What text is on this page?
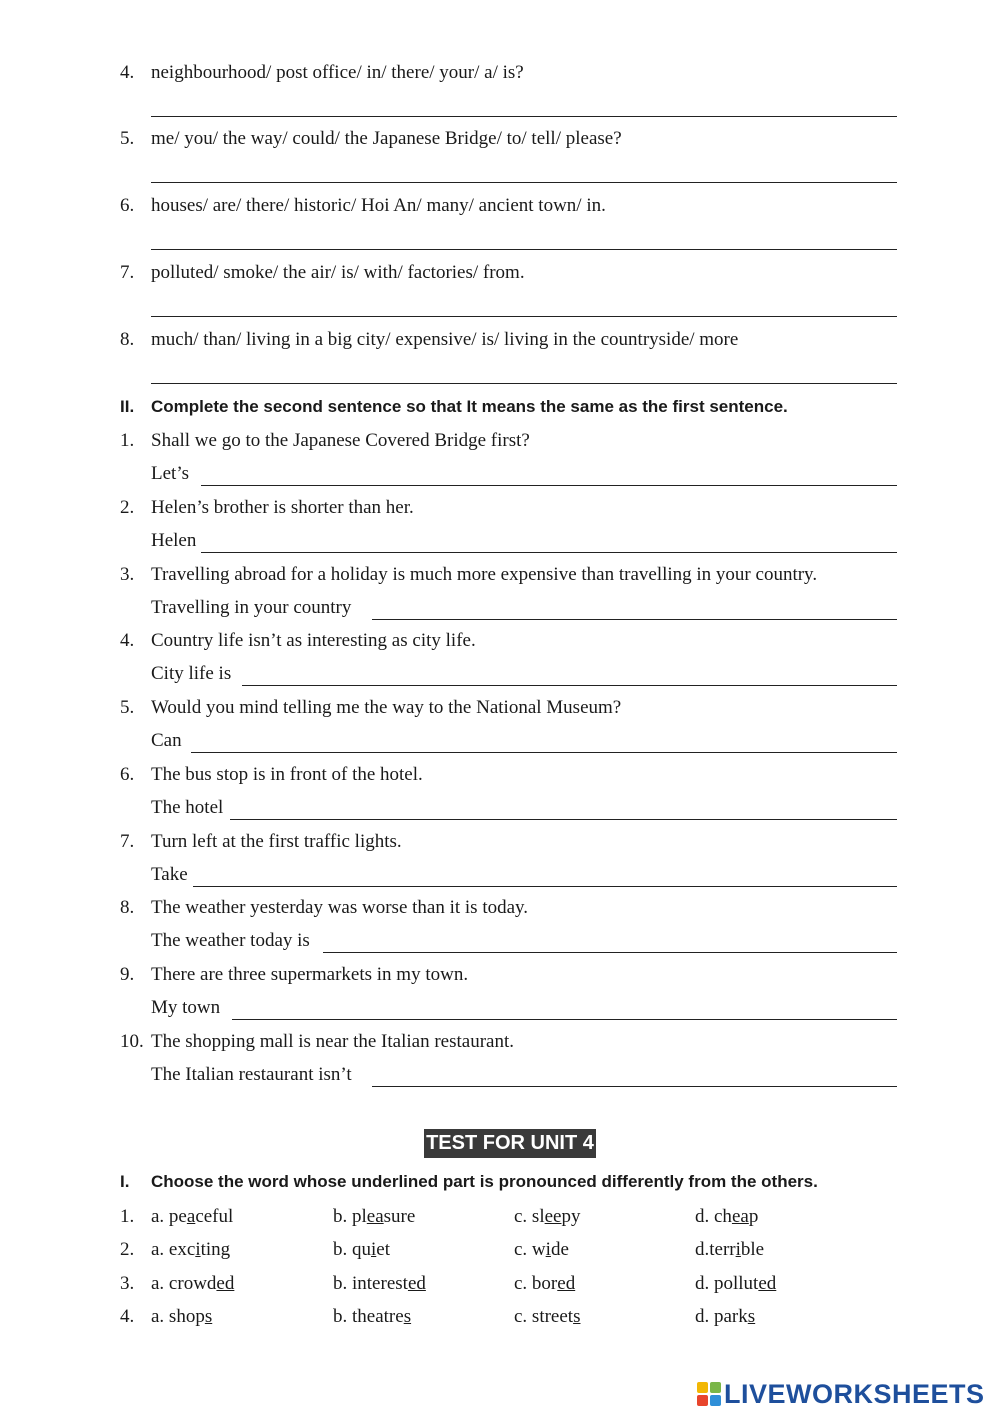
4. neighbourhood/ post office/ in/ there/ your/ a/ is?
5. me/ you/ the way/ could/ the Japanese Bridge/ to/ tell/ please?
6. houses/ are/ there/ historic/ Hoi An/ many/ ancient town/ in.
7. polluted/ smoke/ the air/ is/ with/ factories/ from.
8. much/ than/ living in a big city/ expensive/ is/ living in the countryside/ more
II. Complete the second sentence so that It means the same as the first sentence.
1. Shall we go to the Japanese Covered Bridge first?
Let’s
2. Helen’s brother is shorter than her.
Helen
3. Travelling abroad for a holiday is much more expensive than travelling in your country.
Travelling in your country
4. Country life isn’t as interesting as city life.
City life is
5. Would you mind telling me the way to the National Museum?
Can
6. The bus stop is in front of the hotel.
The hotel
7. Turn left at the first traffic lights.
Take
8. The weather yesterday was worse than it is today.
The weather today is
9. There are three supermarkets in my town.
My town
10. The shopping mall is near the Italian restaurant.
The Italian restaurant isn’t
TEST FOR UNIT 4
I. Choose the word whose underlined part is pronounced differently from the others.
1. a. peaceful	b. pleasure	c. sleepy	d. cheap
2. a. exciting	b. quiet	c. wide	d.terrible
3. a. crowded	b. interested	c. bored	d. polluted
4. a. shops	b. theatres	c. streets	d. parks
LIVEWORKSHEETS
